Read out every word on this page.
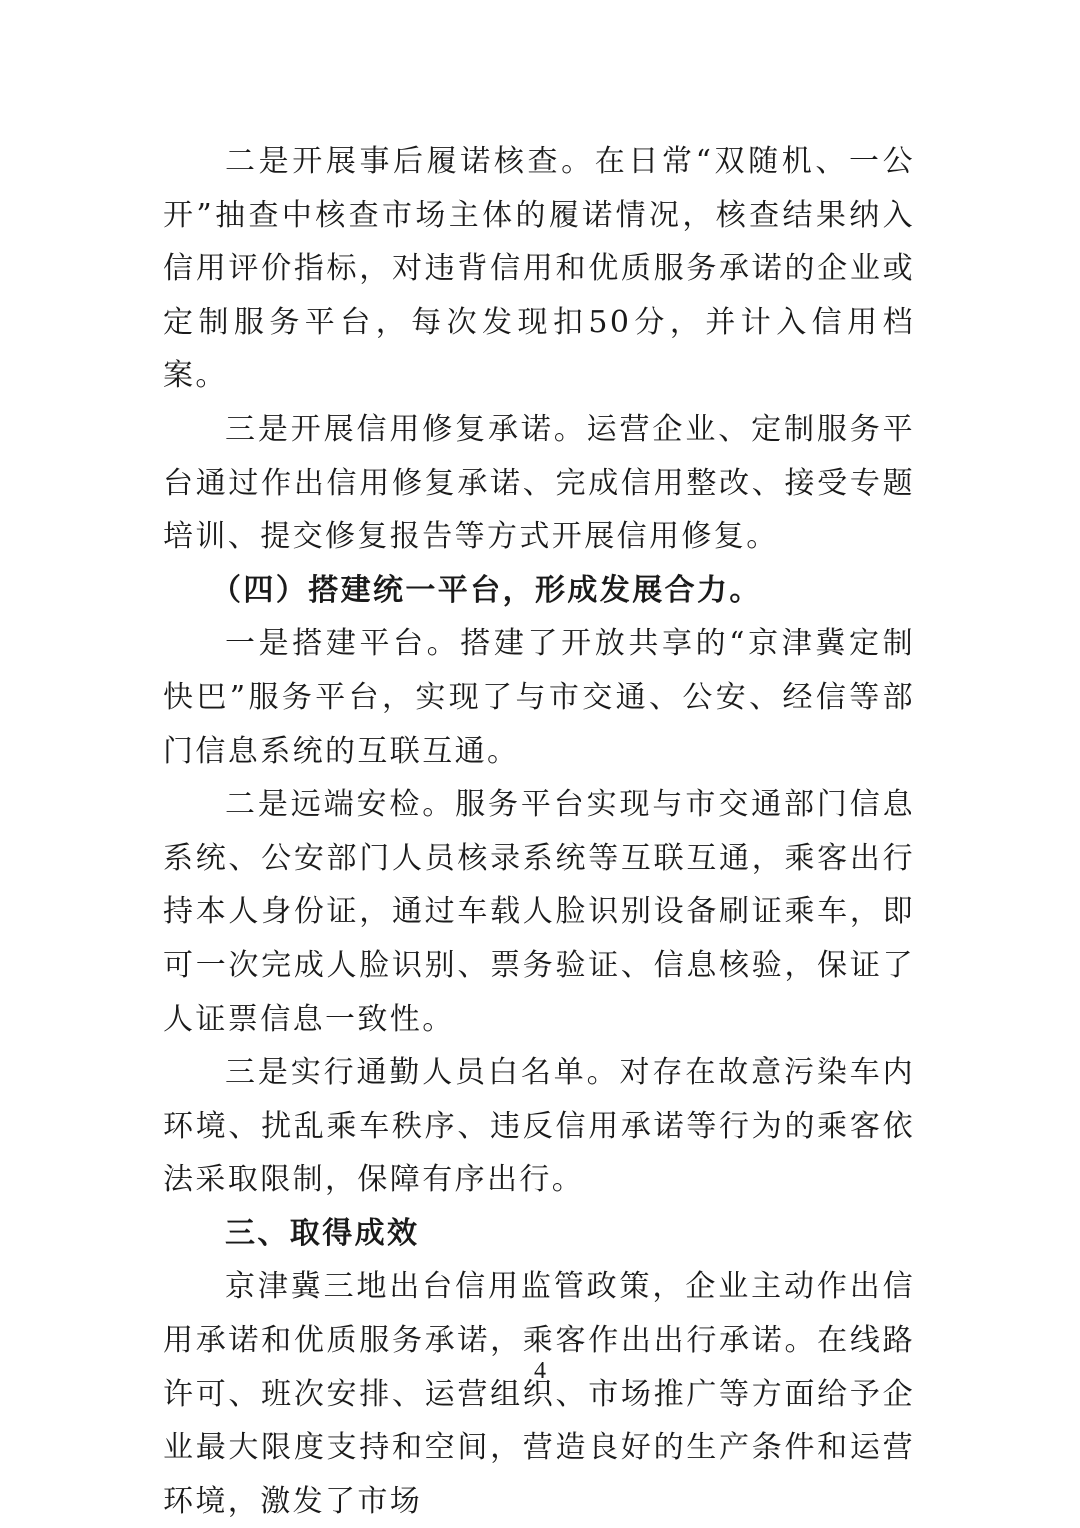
二是开展事后履诺核查。在日常“双随机、一公开”抽查中核查市场主体的履诺情况，核查结果纳入信用评价指标，对违背信用和优质服务承诺的企业或定制服务平台，每次发现扣50分，并计入信用档案。

三是开展信用修复承诺。运营企业、定制服务平台通过作出信用修复承诺、完成信用整改、接受专题培训、提交修复报告等方式开展信用修复。

（四）搭建统一平台，形成发展合力。

一是搭建平台。搭建了开放共享的“京津冀定制快巴”服务平台，实现了与市交通、公安、经信等部门信息系统的互联互通。

二是远端安检。服务平台实现与市交通部门信息系统、公安部门人员核录系统等互联互通，乘客出行持本人身份证，通过车载人脸识别设备刷证乘车，即可一次完成人脸识别、票务验证、信息核验，保证了人证票信息一致性。

三是实行通勤人员白名单。对存在故意污染车内环境、扰乱乘车秩序、违反信用承诺等行为的乘客依法采取限制，保障有序出行。

三、取得成效

京津冀三地出台信用监管政策，企业主动作出信用承诺和优质服务承诺，乘客作出出行承诺。在线路许可、班次安排、运营组织、市场推广等方面给予企业最大限度支持和空间，营造良好的生产条件和运营环境，激发了市场

4
